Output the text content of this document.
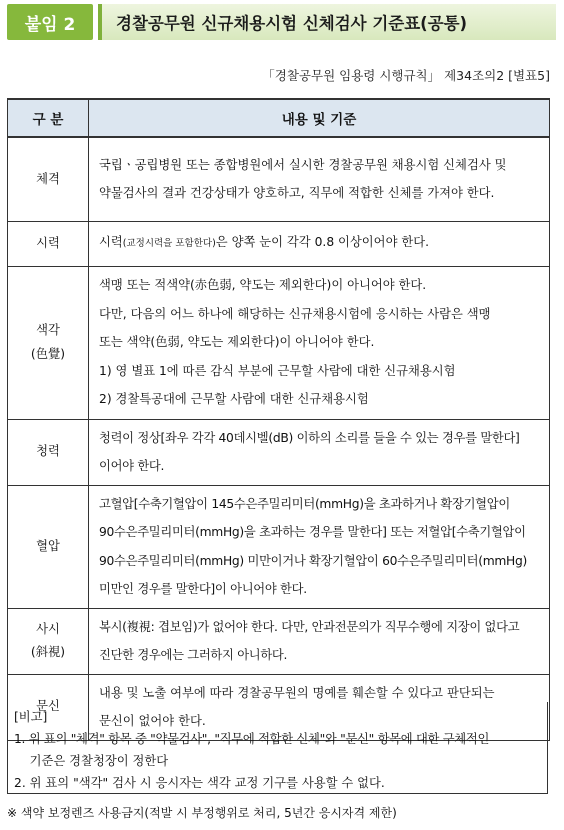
붙임 2	경찰공무원 신규채용시험 신체검사 기준표(공통)
「경찰공무원 임용령 시행규칙」 제34조의2 [별표5]
구 분	내용 및 기준
체격	국립ㆍ공립병원 또는 종합병원에서 실시한 경찰공무원 채용시험 신체검사 및
약물검사의 결과 건강상태가 양호하고, 직무에 적합한 신체를 가져야 한다.

시력	시력(교정시력을 포함한다)은 양쪽 눈이 각각 0.8 이상이어야 한다.

색각
(色覺)	색맹 또는 적색약(赤色弱, 약도는 제외한다)이 아니어야 한다.
다만, 다음의 어느 하나에 해당하는 신규채용시험에 응시하는 사람은 색맹
또는 색약(色弱, 약도는 제외한다)이 아니어야 한다.
1) 영 별표 1에 따른 감식 부분에 근무할 사람에 대한 신규채용시험
2) 경찰특공대에 근무할 사람에 대한 신규채용시험

청력	청력이 정상[좌우 각각 40데시벨(dB) 이하의 소리를 들을 수 있는 경우를 말한다]
이어야 한다.

혈압	고혈압[수축기혈압이 145수은주밀리미터(mmHg)을 초과하거나 확장기혈압이
90수은주밀리미터(mmHg)을 초과하는 경우를 말한다] 또는 저혈압[수축기혈압이
90수은주밀리미터(mmHg) 미만이거나 확장기혈압이 60수은주밀리미터(mmHg)
미만인 경우를 말한다]이 아니어야 한다.

사시
(斜視)	복시(複視: 겹보임)가 없어야 한다. 다만, 안과전문의가 직무수행에 지장이 없다고
진단한 경우에는 그러하지 아니하다.

문신	내용 및 노출 여부에 따라 경찰공무원의 명예를 훼손할 수 있다고 판단되는
문신이 없어야 한다.
[비고]
1. 위 표의 "체격" 항목 중 "약물검사", "직무에 적합한 신체"와 "문신" 항목에 대한 구체적인
기준은 경찰청장이 정한다
2. 위 표의 "색각" 검사 시 응시자는 색각 교정 기구를 사용할 수 없다.
※ 색약 보정렌즈 사용금지(적발 시 부정행위로 처리, 5년간 응시자격 제한)
